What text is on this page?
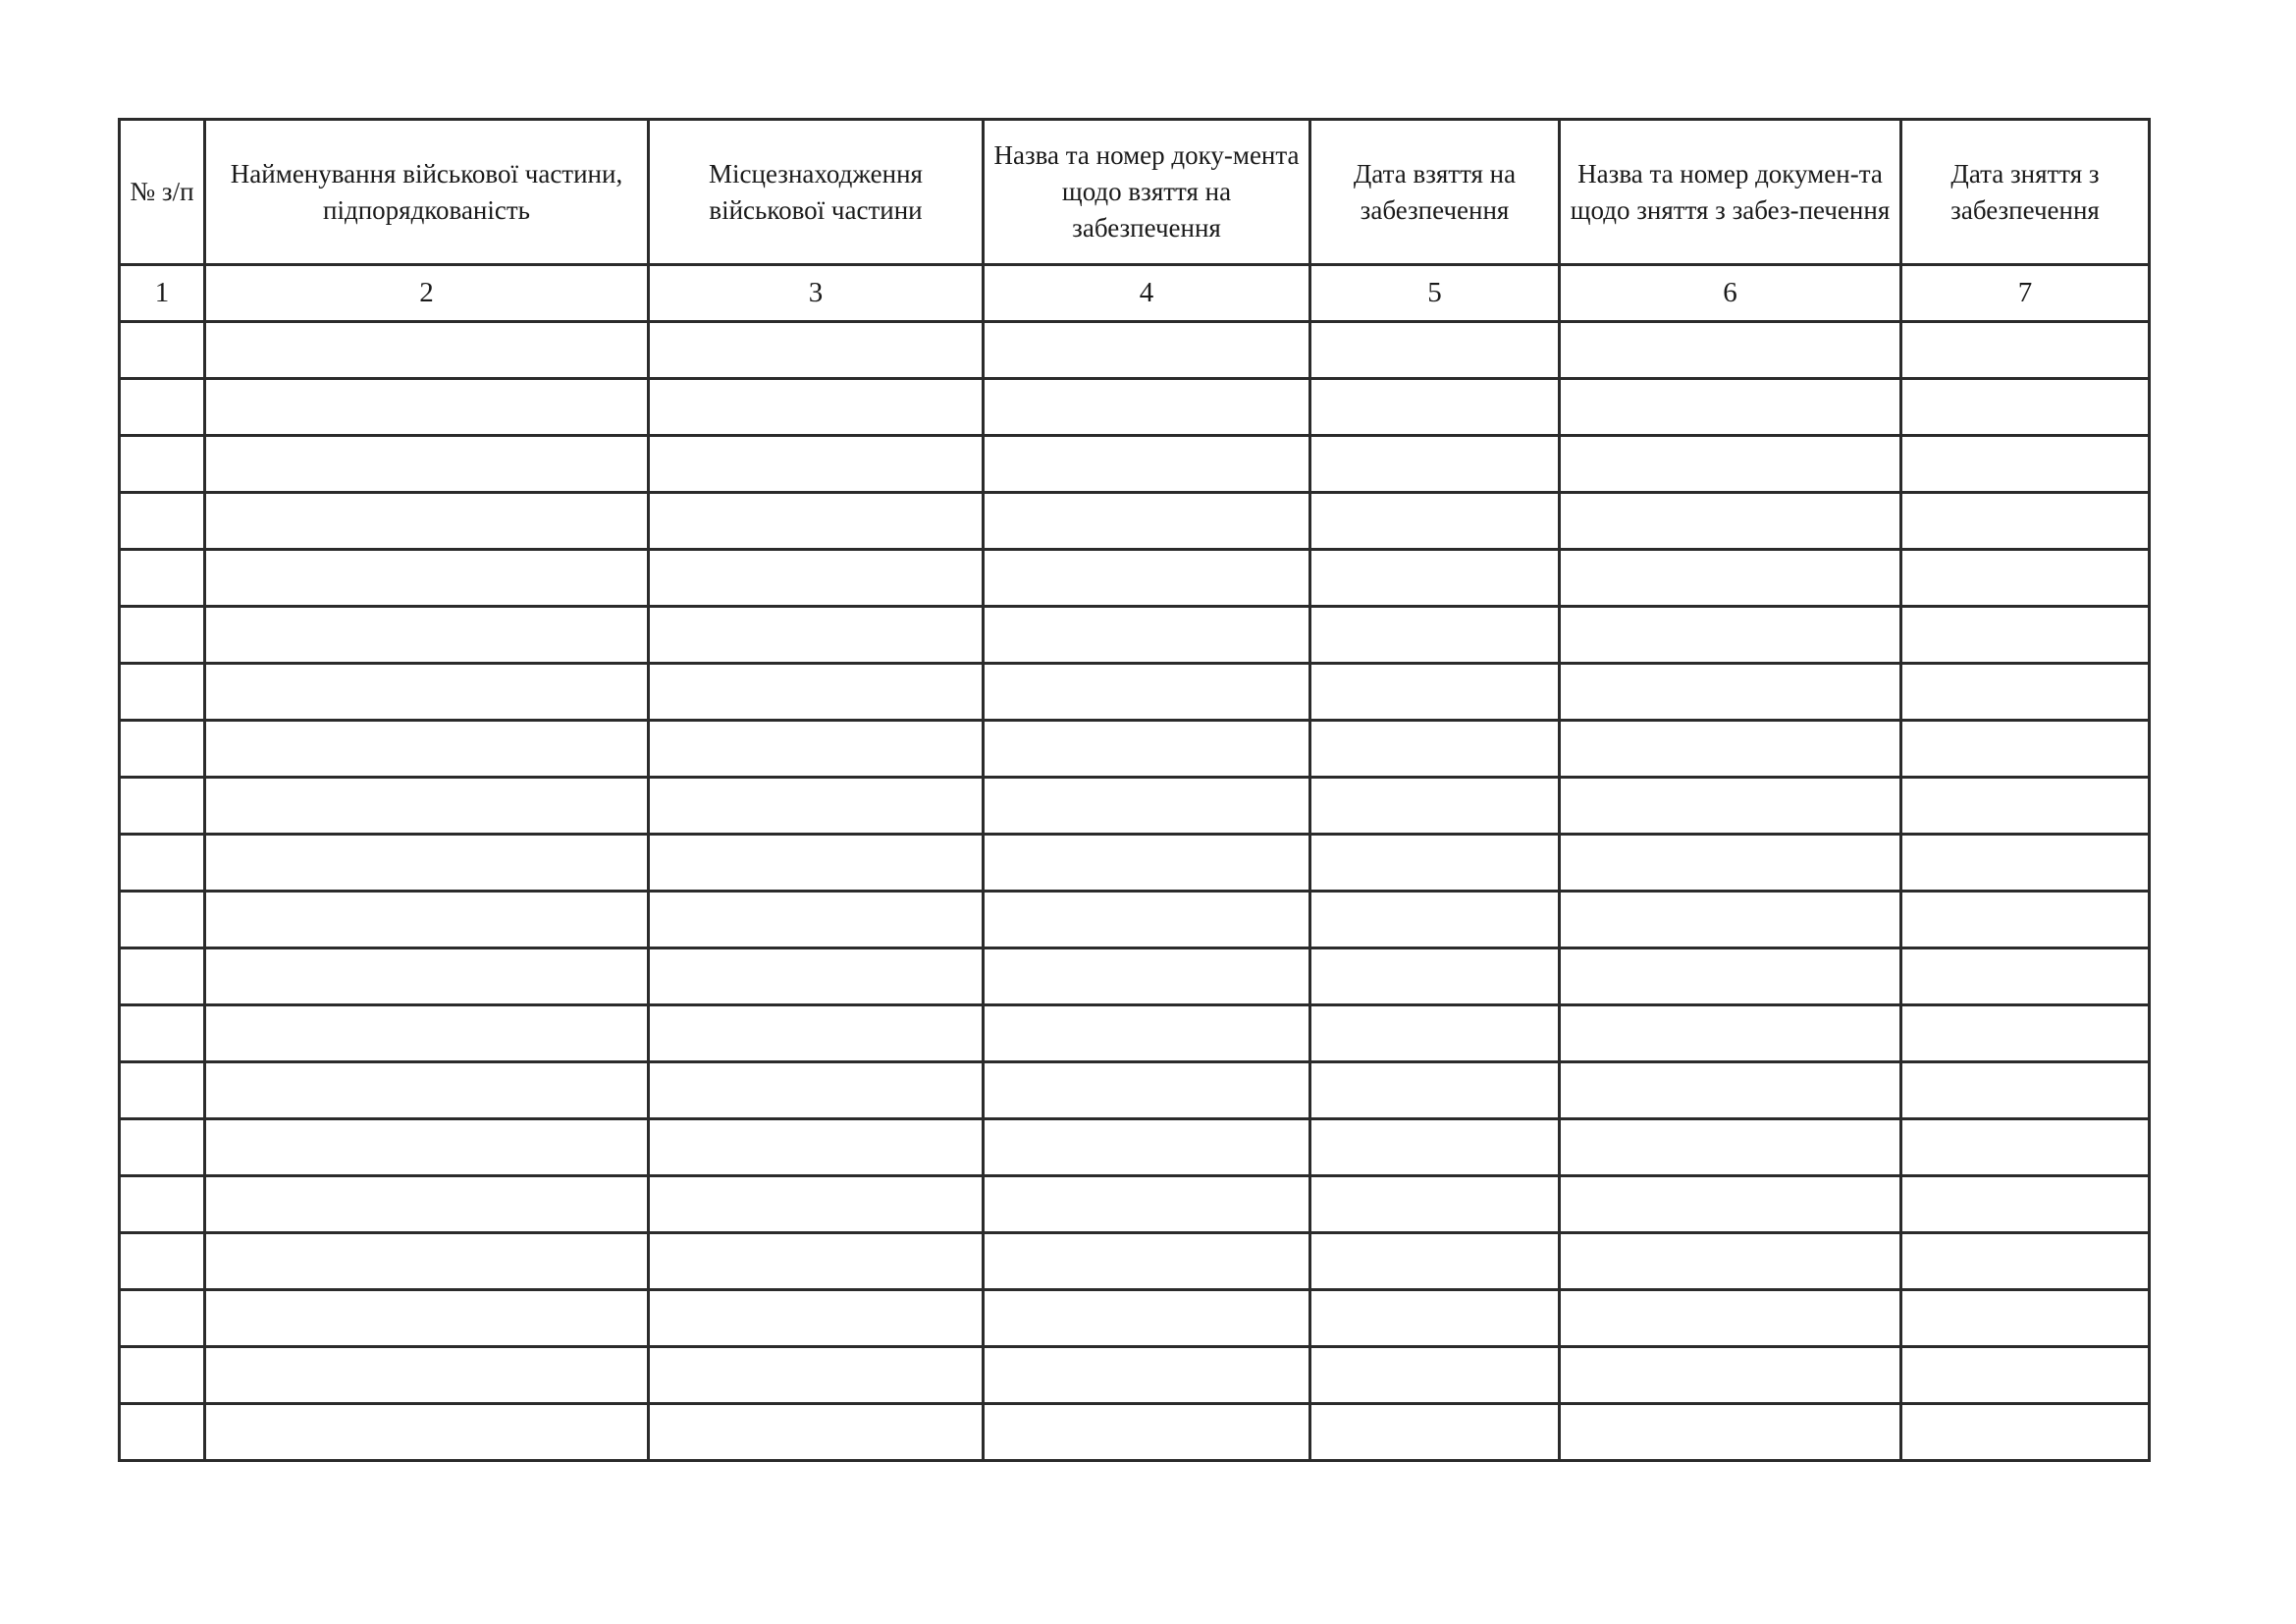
№ з/п	Найменування військової частини, підпорядкованість	Місцезнаходження військової частини	Назва та номер доку-мента щодо взяття на забезпечення	Дата взяття на забезпечення	Назва та номер докумен-та щодо зняття з забез-печення	Дата зняття з забезпечення
1	2	3	4	5	6	7
